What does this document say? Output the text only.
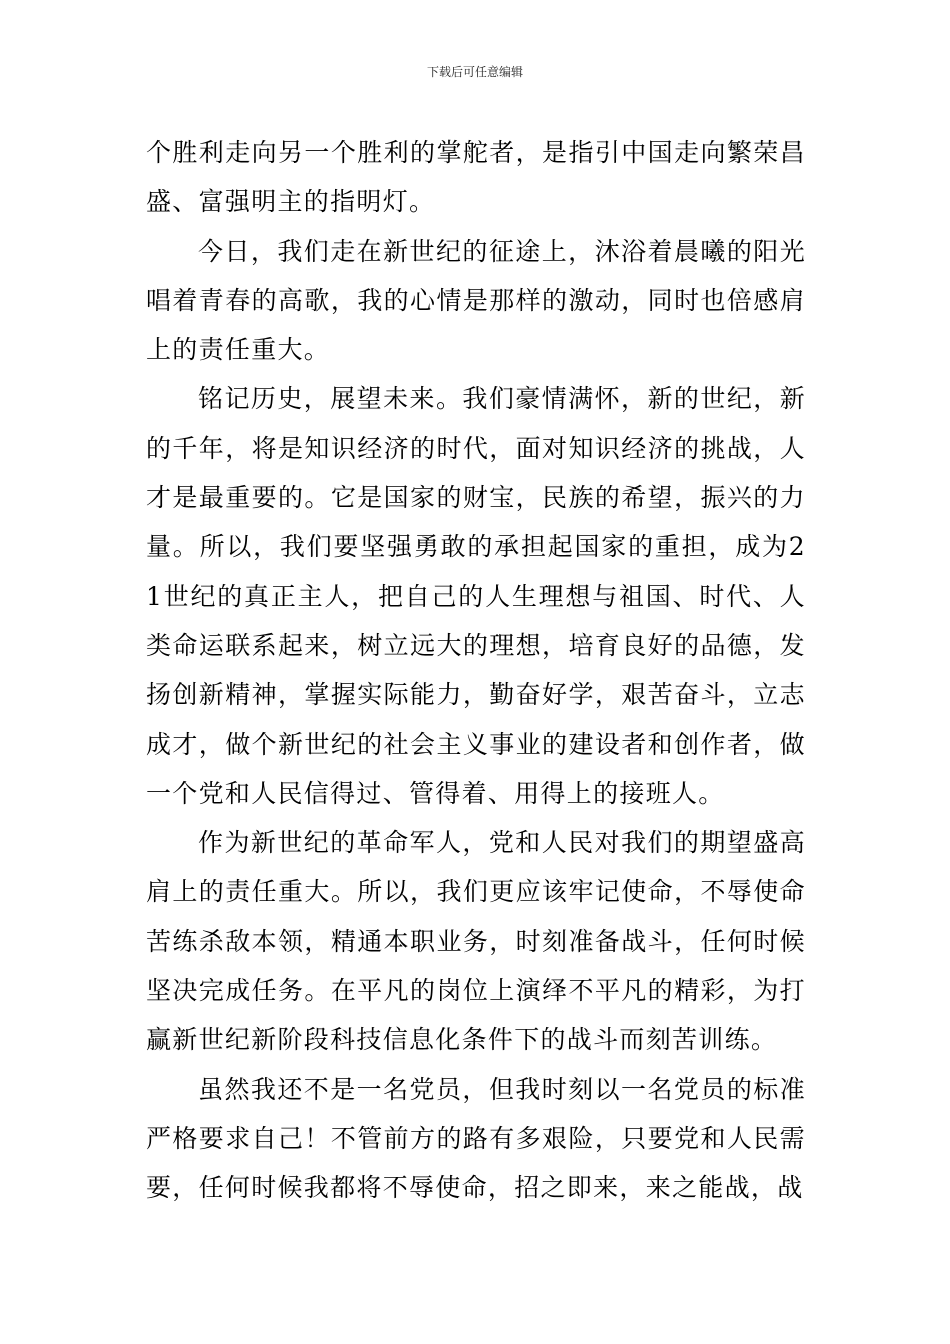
下载后可任意编辑

个胜利走向另一个胜利的掌舵者，是指引中国走向繁荣昌盛、富强明主的指明灯。

今日，我们走在新世纪的征途上，沐浴着晨曦的阳光唱着青春的高歌，我的心情是那样的激动，同时也倍感肩上的责任重大。

铭记历史，展望未来。我们豪情满怀，新的世纪，新的千年，将是知识经济的时代，面对知识经济的挑战，人才是最重要的。它是国家的财宝，民族的希望，振兴的力量。所以，我们要坚强勇敢的承担起国家的重担，成为21世纪的真正主人，把自己的人生理想与祖国、时代、人类命运联系起来，树立远大的理想，培育良好的品德，发扬创新精神，掌握实际能力，勤奋好学，艰苦奋斗，立志成才，做个新世纪的社会主义事业的建设者和创作者，做一个党和人民信得过、管得着、用得上的接班人。

作为新世纪的革命军人，党和人民对我们的期望盛高肩上的责任重大。所以，我们更应该牢记使命，不辱使命苦练杀敌本领，精通本职业务，时刻准备战斗，任何时候坚决完成任务。在平凡的岗位上演绎不平凡的精彩，为打赢新世纪新阶段科技信息化条件下的战斗而刻苦训练。

虽然我还不是一名党员，但我时刻以一名党员的标准严格要求自己！不管前方的路有多艰险，只要党和人民需要，任何时候我都将不辱使命，招之即来，来之能战，战
